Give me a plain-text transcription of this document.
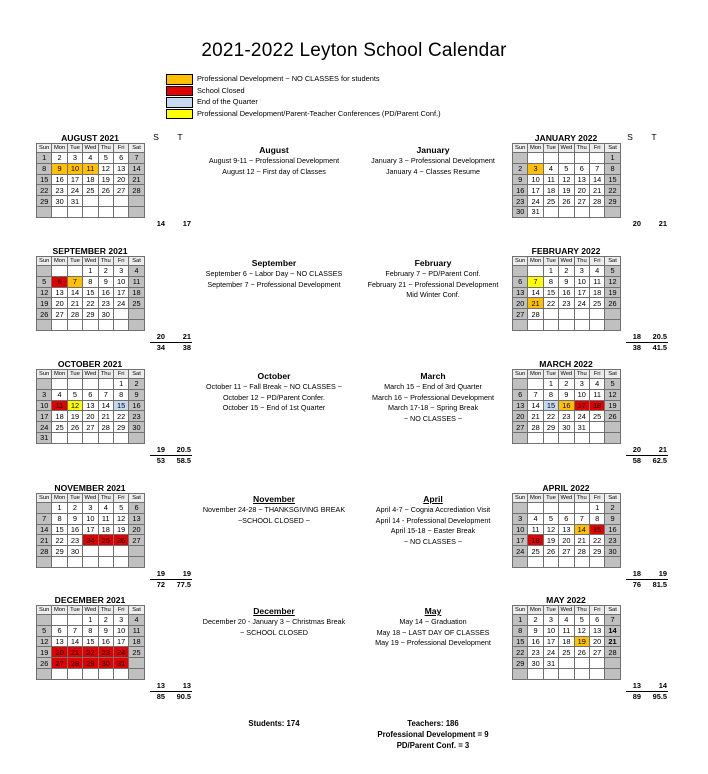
2021-2022 Leyton School Calendar
Professional Development ~ NO CLASSES for students
School Closed
End of the Quarter
Professional Development/Parent-Teacher Conferences (PD/Parent Conf.)
S	T	S	T
August
August 9-11 ~ Professional Development
August 12 ~ First day of Classes
September
September 6 ~ Labor Day ~ NO CLASSES
September 7 ~ Professional Development
October
October 11 ~ Fall Break ~ NO CLASSES ~
October 12 ~ PD/Parent Confer.
October 15 ~ End of 1st Quarter
November
November 24-28 ~ THANKSGIVING BREAK
~SCHOOL CLOSED ~
December
December 20 - January 3 ~ Christmas Break
~ SCHOOL CLOSED
January
January 3 ~ Professional Development
January 4 ~ Classes Resume
February
February 7 ~ PD/Parent Conf.
February 21 ~ Professional Development
Mid Winter Conf.
March
March 15 ~ End of 3rd Quarter
March 16 ~ Professional Development
March 17-18 ~ Spring Break
~ NO CLASSES ~
April
April 4-7 ~ Cognia Accrediation Visit
April 14 - Professional Development
April 15-18 ~ Easter Break
~ NO CLASSES ~
May
May 14 ~ Graduation
May 18 ~ LAST DAY OF CLASSES
May 19 ~ Professional Development
Students: 174	Teachers: 186
Professional Development = 9
PD/Parent Conf. = 3
AUGUST 2021
Sun	Mon	Tue	Wed	Thu	Fri	Sat
1	2	3	4	5	6	7
8	9	10	11	12	13	14
15	16	17	18	19	20	21
22	23	24	25	26	27	28
29	30	31				

14	17
SEPTEMBER 2021
Sun	Mon	Tue	Wed	Thu	Fri	Sat
			1	2	3	4
5	6	7	8	9	10	11
12	13	14	15	16	17	18
19	20	21	22	23	24	25
26	27	28	29	30		

20	21
34	38
OCTOBER 2021
Sun	Mon	Tue	Wed	Thu	Fri	Sat
					1	2
3	4	5	6	7	8	9
10	11	12	13	14	15	16
17	18	19	20	21	22	23
24	25	26	27	28	29	30
31						
19	20.5
53	58.5
NOVEMBER 2021
Sun	Mon	Tue	Wed	Thu	Fri	Sat
	1	2	3	4	5	6
7	8	9	10	11	12	13
14	15	16	17	18	19	20
21	22	23	24	25	26	27
28	29	30				

19	19
72	77.5
DECEMBER 2021
Sun	Mon	Tue	Wed	Thu	Fri	Sat
			1	2	3	4
5	6	7	8	9	10	11
12	13	14	15	16	17	18
19	20	21	22	23	24	25
26	27	28	29	30	31	

13	13
85	90.5
JANUARY 2022
Sun	Mon	Tue	Wed	Thu	Fri	Sat
						1
2	3	4	5	6	7	8
9	10	11	12	13	14	15
16	17	18	19	20	21	22
23	24	25	26	27	28	29
30	31					
20	21
FEBRUARY 2022
Sun	Mon	Tue	Wed	Thu	Fri	Sat
		1	2	3	4	5
6	7	8	9	10	11	12
13	14	15	16	17	18	19
20	21	22	23	24	25	26
27	28					

18	20.5
38	41.5
MARCH 2022
Sun	Mon	Tue	Wed	Thu	Fri	Sat
		1	2	3	4	5
6	7	8	9	10	11	12
13	14	15	16	17	18	19
20	21	22	23	24	25	26
27	28	29	30	31		

20	21
58	62.5
APRIL 2022
Sun	Mon	Tue	Wed	Thu	Fri	Sat
					1	2
3	4	5	6	7	8	9
10	11	12	13	14	15	16
17	18	19	20	21	22	23
24	25	26	27	28	29	30

18	19
76	81.5
MAY 2022
Sun	Mon	Tue	Wed	Thu	Fri	Sat
1	2	3	4	5	6	7
8	9	10	11	12	13	14
15	16	17	18	19	20	21
22	23	24	25	26	27	28
29	30	31				

13	14
89	95.5
